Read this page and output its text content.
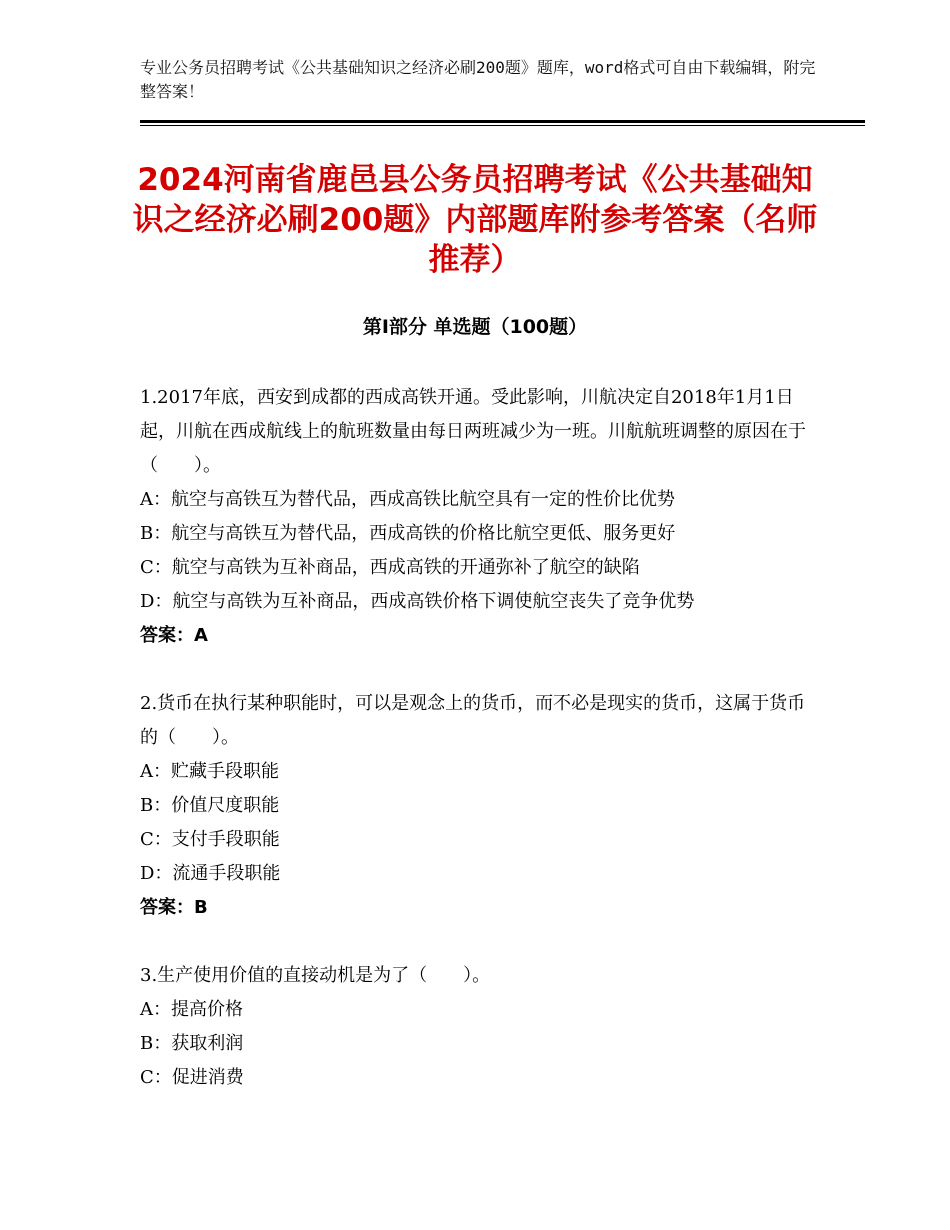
专业公务员招聘考试《公共基础知识之经济必刷200题》题库，word格式可自由下载编辑，附完整答案！
2024河南省鹿邑县公务员招聘考试《公共基础知识之经济必刷200题》内部题库附参考答案（名师推荐）
第Ⅰ部分 单选题（100题）
1.2017年底，西安到成都的西成高铁开通。受此影响，川航决定自2018年1月1日起，川航在西成航线上的航班数量由每日两班减少为一班。川航航班调整的原因在于（　　）。
A：航空与高铁互为替代品，西成高铁比航空具有一定的性价比优势
B：航空与高铁互为替代品，西成高铁的价格比航空更低、服务更好
C：航空与高铁为互补商品，西成高铁的开通弥补了航空的缺陷
D：航空与高铁为互补商品，西成高铁价格下调使航空丧失了竞争优势
答案：A
2.货币在执行某种职能时，可以是观念上的货币，而不必是现实的货币，这属于货币的（　　）。
A：贮藏手段职能
B：价值尺度职能
C：支付手段职能
D：流通手段职能
答案：B
3.生产使用价值的直接动机是为了（　　）。
A：提高价格
B：获取利润
C：促进消费
